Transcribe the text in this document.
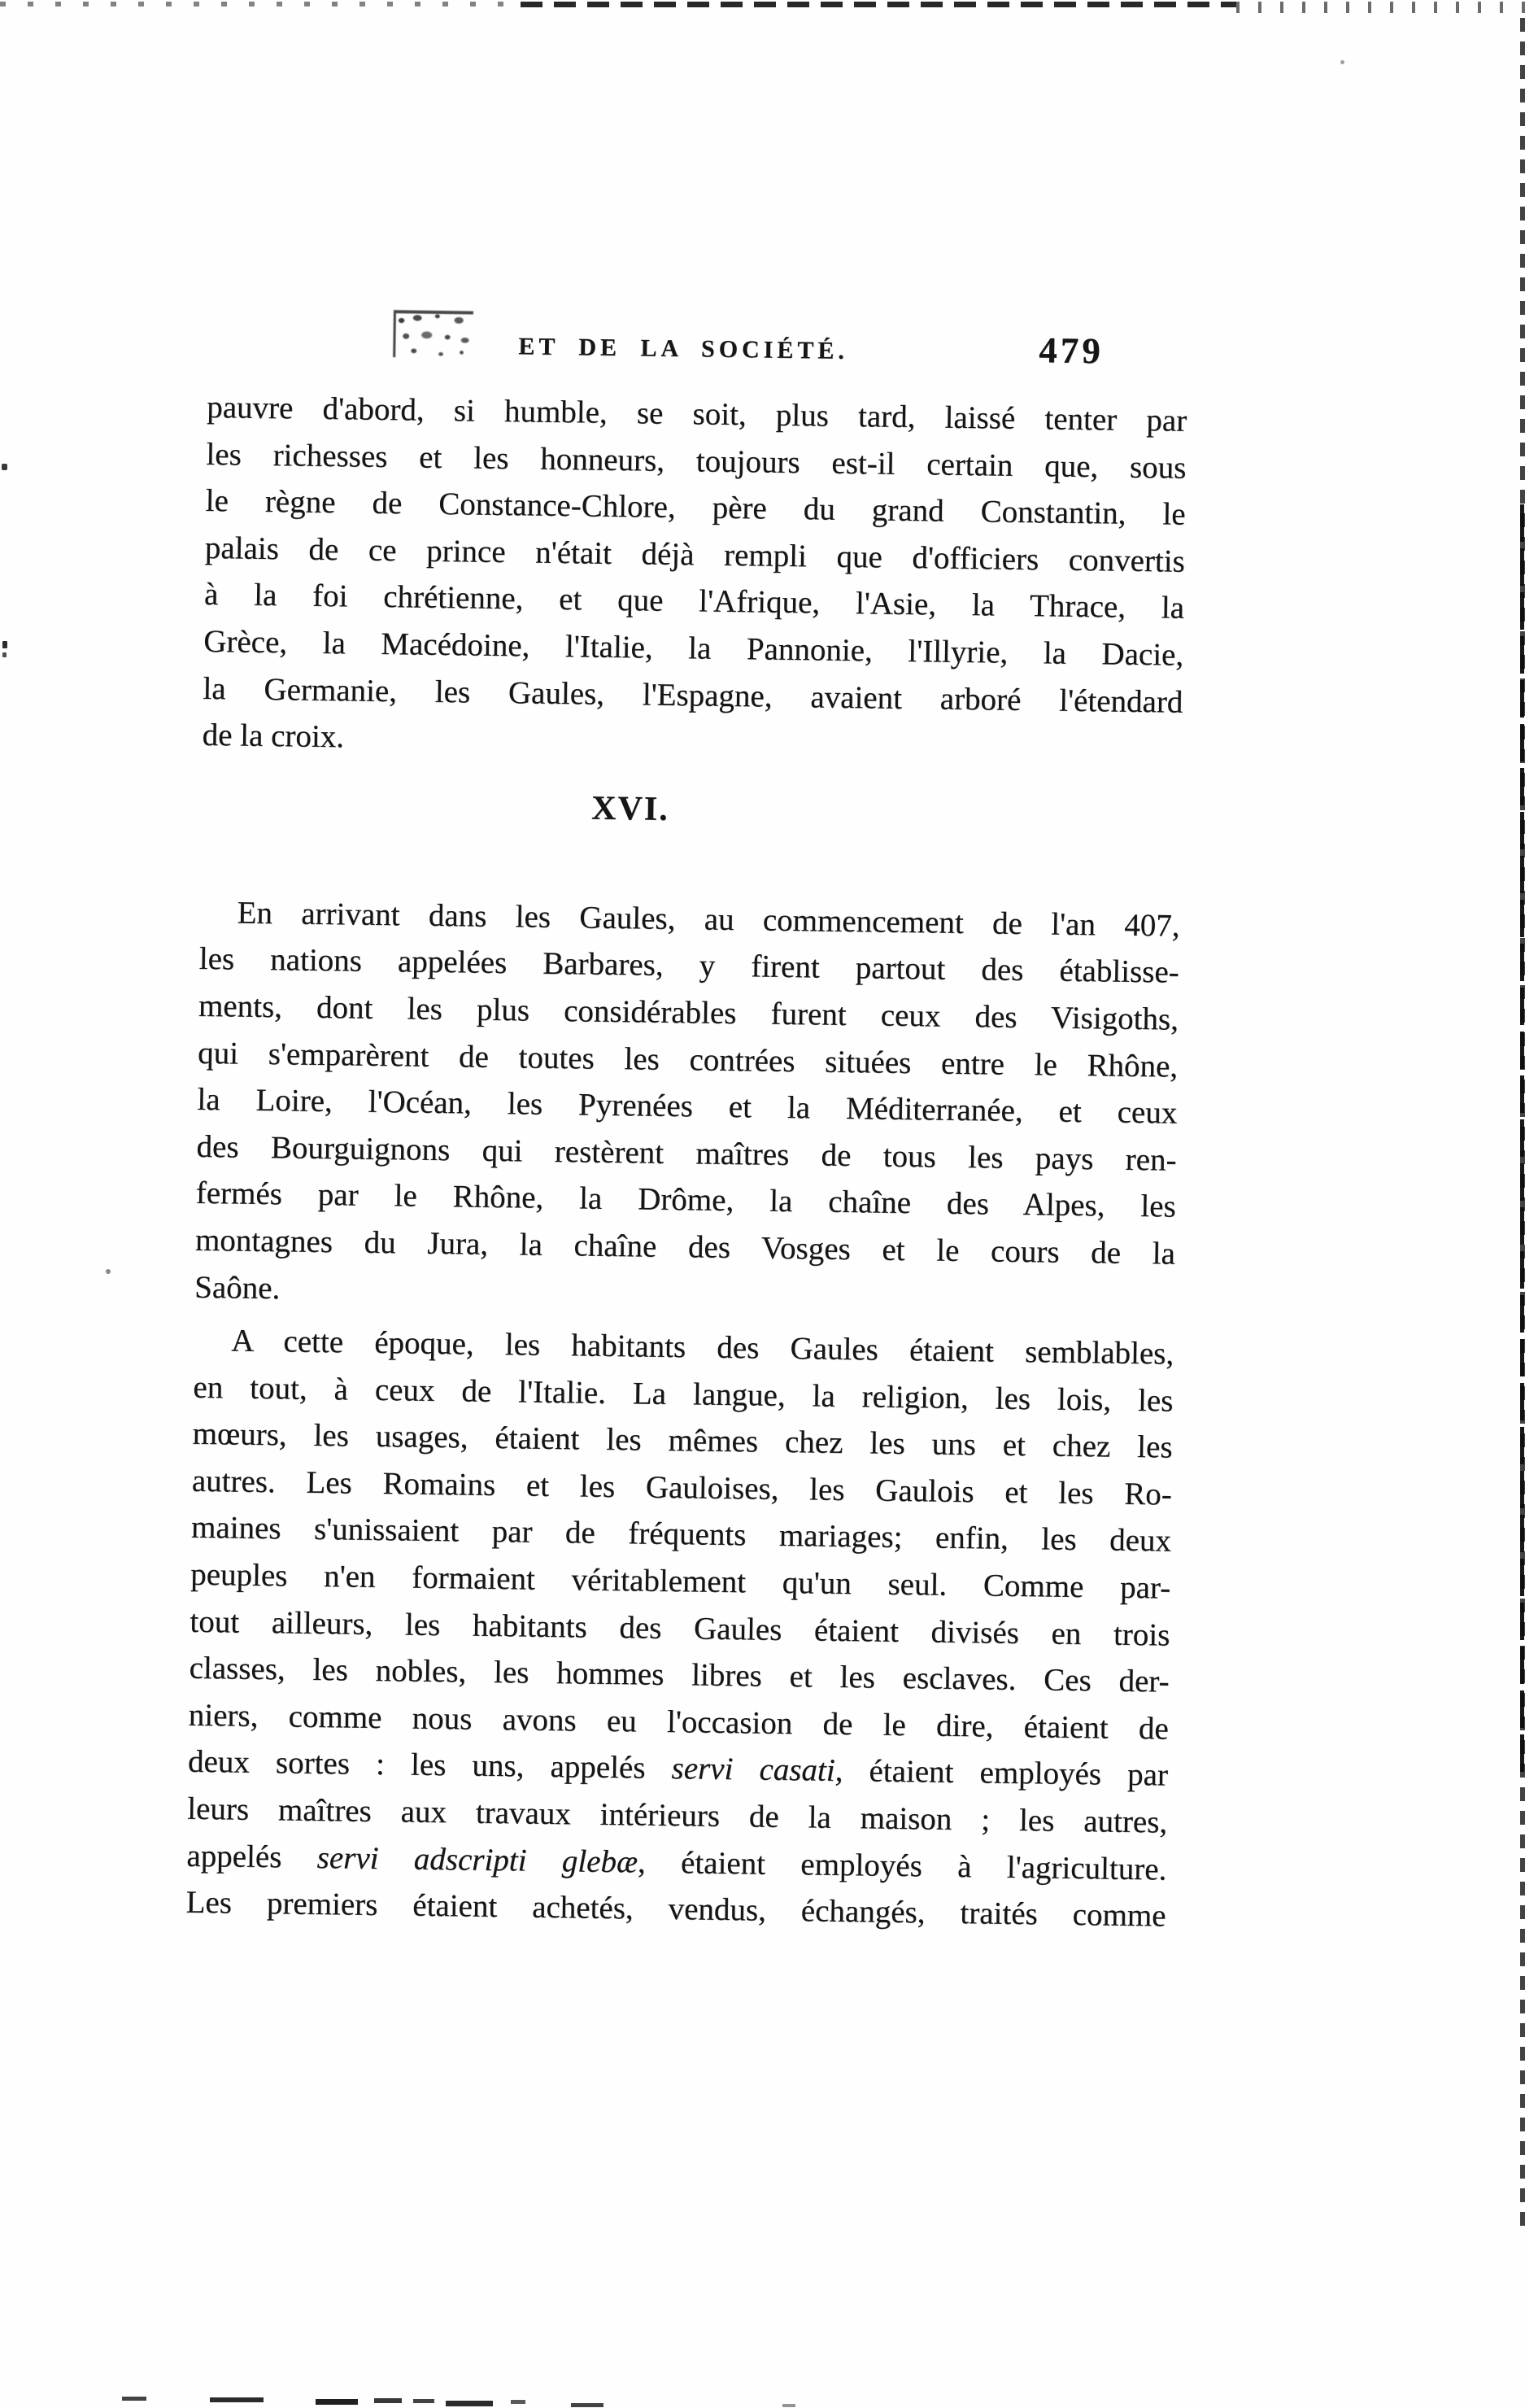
ET DE LA SOCIÉTÉ.	479
pauvre d'abord, si humble, se soit, plus tard, laissé tenter par
les richesses et les honneurs, toujours est-il certain que, sous
le règne de Constance-Chlore, père du grand Constantin, le
palais de ce prince n'était déjà rempli que d'officiers convertis
à la foi chrétienne, et que l'Afrique, l'Asie, la Thrace, la
Grèce, la Macédoine, l'Italie, la Pannonie, l'Illyrie, la Dacie,
la Germanie, les Gaules, l'Espagne, avaient arboré l'étendard
de la croix.
XVI.
En arrivant dans les Gaules, au commencement de l'an 407,
les nations appelées Barbares, y firent partout des établisse-
ments, dont les plus considérables furent ceux des Visigoths,
qui s'emparèrent de toutes les contrées situées entre le Rhône,
la Loire, l'Océan, les Pyrenées et la Méditerranée, et ceux
des Bourguignons qui restèrent maîtres de tous les pays ren-
fermés par le Rhône, la Drôme, la chaîne des Alpes, les
montagnes du Jura, la chaîne des Vosges et le cours de la
Saône.
A cette époque, les habitants des Gaules étaient semblables,
en tout, à ceux de l'Italie. La langue, la religion, les lois, les
mœurs, les usages, étaient les mêmes chez les uns et chez les
autres. Les Romains et les Gauloises, les Gaulois et les Ro-
maines s'unissaient par de fréquents mariages; enfin, les deux
peuples n'en formaient véritablement qu'un seul. Comme par-
tout ailleurs, les habitants des Gaules étaient divisés en trois
classes, les nobles, les hommes libres et les esclaves. Ces der-
niers, comme nous avons eu l'occasion de le dire, étaient de
deux sortes : les uns, appelés servi casati, étaient employés par
leurs maîtres aux travaux intérieurs de la maison ; les autres,
appelés servi adscripti glebæ, étaient employés à l'agriculture.
Les premiers étaient achetés, vendus, échangés, traités comme
